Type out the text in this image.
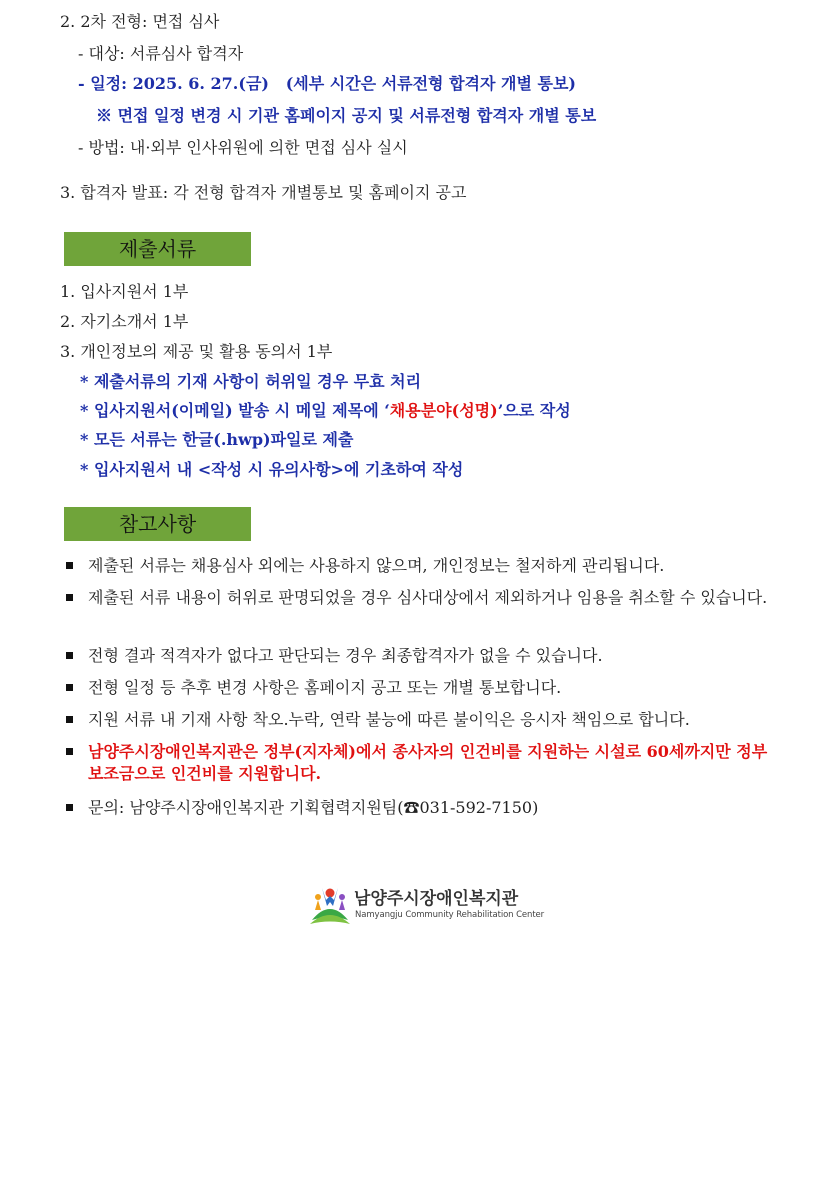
2. 2차 전형: 면접 심사
- 대상: 서류심사 합격자
- 일정: 2025. 6. 27.(금) (세부 시간은 서류전형 합격자 개별 통보)
※ 면접 일정 변경 시 기관 홈페이지 공지 및 서류전형 합격자 개별 통보
- 방법: 내·외부 인사위원에 의한 면접 심사 실시
3. 합격자 발표: 각 전형 합격자 개별통보 및 홈페이지 공고
제출서류
1. 입사지원서 1부
2. 자기소개서 1부
3. 개인정보의 제공 및 활용 동의서 1부
* 제출서류의 기재 사항이 허위일 경우 무효 처리
* 입사지원서(이메일) 발송 시 메일 제목에 ‘채용분야(성명)’으로 작성
* 모든 서류는 한글(.hwp)파일로 제출
* 입사지원서 내 <작성 시 유의사항>에 기초하여 작성
참고사항
제출된 서류는 채용심사 외에는 사용하지 않으며, 개인정보는 철저하게 관리됩니다.
제출된 서류 내용이 허위로 판명되었을 경우 심사대상에서 제외하거나 임용을 취소할 수 있습니다.
전형 결과 적격자가 없다고 판단되는 경우 최종합격자가 없을 수 있습니다.
전형 일정 등 추후 변경 사항은 홈페이지 공고 또는 개별 통보합니다.
지원 서류 내 기재 사항 착오.누락, 연락 불능에 따른 불이익은 응시자 책임으로 합니다.
남양주시장애인복지관은 정부(지자체)에서 종사자의 인건비를 지원하는 시설로 60세까지만 정부 보조금으로 인건비를 지원합니다.
문의: 남양주시장애인복지관 기획협력지원팀(☎031-592-7150)
남양주시장애인복지관
Namyangju Community Rehabilitation Center
